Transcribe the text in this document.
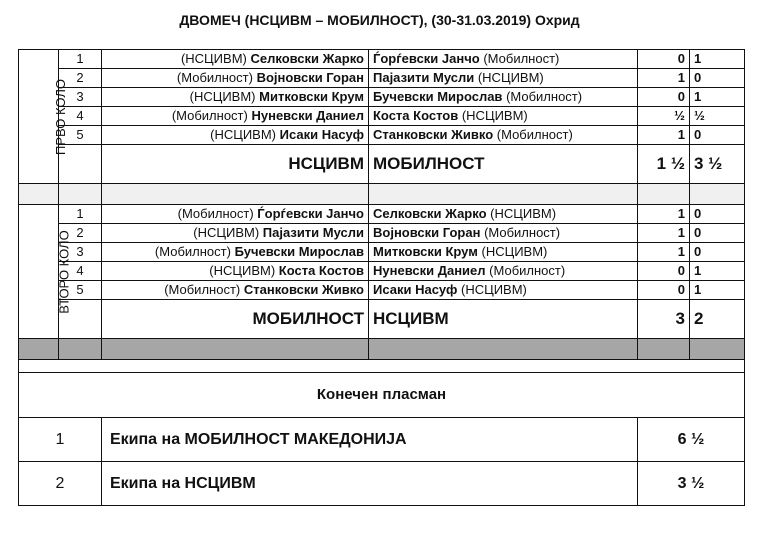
ДВОМЕЧ (НСЦИВМ – МОБИЛНОСТ), (30-31.03.2019) Охрид
ПРВО КОЛО	1	(НСЦИВМ) Селковски Жарко	Ѓорѓевски Јанчо (Мобилност)	0	1
	2	(Мобилност) Војновски Горан	Пајазити Мусли (НСЦИВМ)	1	0
	3	(НСЦИВМ) Митковски Крум	Бучевски Мирослав (Мобилност)	0	1
	4	(Мобилност) Нуневски Даниел	Коста Костов (НСЦИВМ)	½	½
	5	(НСЦИВМ) Исаки Насуф	Станковски Живко (Мобилност)	1	0
		НСЦИВМ	МОБИЛНОСТ	1 ½	3 ½

ВТОРО КОЛО	1	(Мобилност) Ѓорѓевски Јанчо	Селковски Жарко (НСЦИВМ)	1	0
	2	(НСЦИВМ) Пајазити Мусли	Војновски Горан (Мобилност)	1	0
	3	(Мобилност) Бучевски Мирослав	Митковски Крум (НСЦИВМ)	1	0
	4	(НСЦИВМ) Коста Костов	Нуневски Даниел (Мобилност)	0	1
	5	(Мобилност) Станковски Живко	Исаки Насуф (НСЦИВМ)	0	1
		МОБИЛНОСТ	НСЦИВМ	3	2

Конечен пласман					
1		Екипа на МОБИЛНОСТ МАКЕДОНИЈА		6 ½	
2		Екипа на НСЦИВМ		3 ½	
